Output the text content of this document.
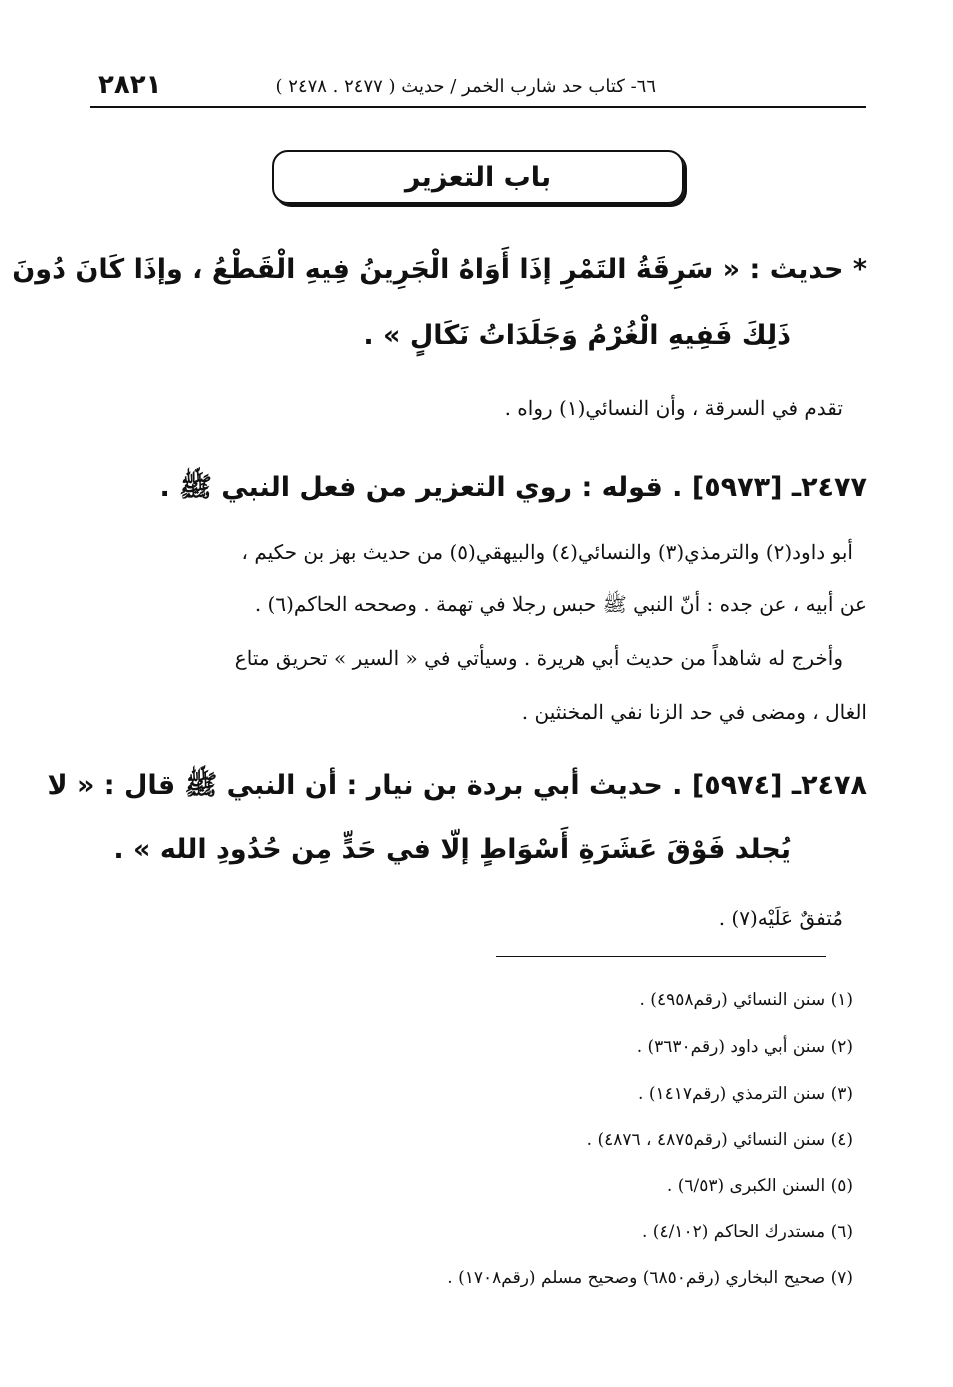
٢٨٢١	٦٦- كتاب حد شارب الخمر / حديث ( ٢٤٧٧ . ٢٤٧٨ )
باب التعزير
* حديث : « سَرِقَةُ التَمْرِ إذَا أَوَاهُ الْجَرِينُ فِيهِ الْقَطْعُ ، وإذَا كَانَ دُونَ
ذَلِكَ فَفِيهِ الْغُرْمُ وَجَلَدَاتُ نَكَالٍ » .
تقدم في السرقة ، وأن النسائي(١) رواه .
٢٤٧٧ـ [٥٩٧٣] . قوله : روي التعزير من فعل النبي ﷺ .
أبو داود(٢) والترمذي(٣) والنسائي(٤) والبيهقي(٥) من حديث بهز بن حكيم ،
عن أبيه ، عن جده : أنّ النبي ﷺ حبس رجلا في تهمة . وصححه الحاكم(٦) .
وأخرج له شاهداً من حديث أبي هريرة . وسيأتي في « السير » تحريق متاع
الغال ، ومضى في حد الزنا نفي المخنثين .
٢٤٧٨ـ [٥٩٧٤] . حديث أبي بردة بن نيار : أن النبي ﷺ قال : « لا
يُجلد فَوْقَ عَشَرَةِ أَسْوَاطٍ إلّا في حَدٍّ مِن حُدُودِ الله » .
مُتفقٌ عَلَيْه(٧) .
(١) سنن النسائي (رقم٤٩٥٨) .
(٢) سنن أبي داود (رقم٣٦٣٠) .
(٣) سنن الترمذي (رقم١٤١٧) .
(٤) سنن النسائي (رقم٤٨٧٥ ، ٤٨٧٦) .
(٥) السنن الكبرى (٦/٥٣) .
(٦) مستدرك الحاكم (٤/١٠٢) .
(٧) صحيح البخاري (رقم٦٨٥٠) وصحيح مسلم (رقم١٧٠٨) .
